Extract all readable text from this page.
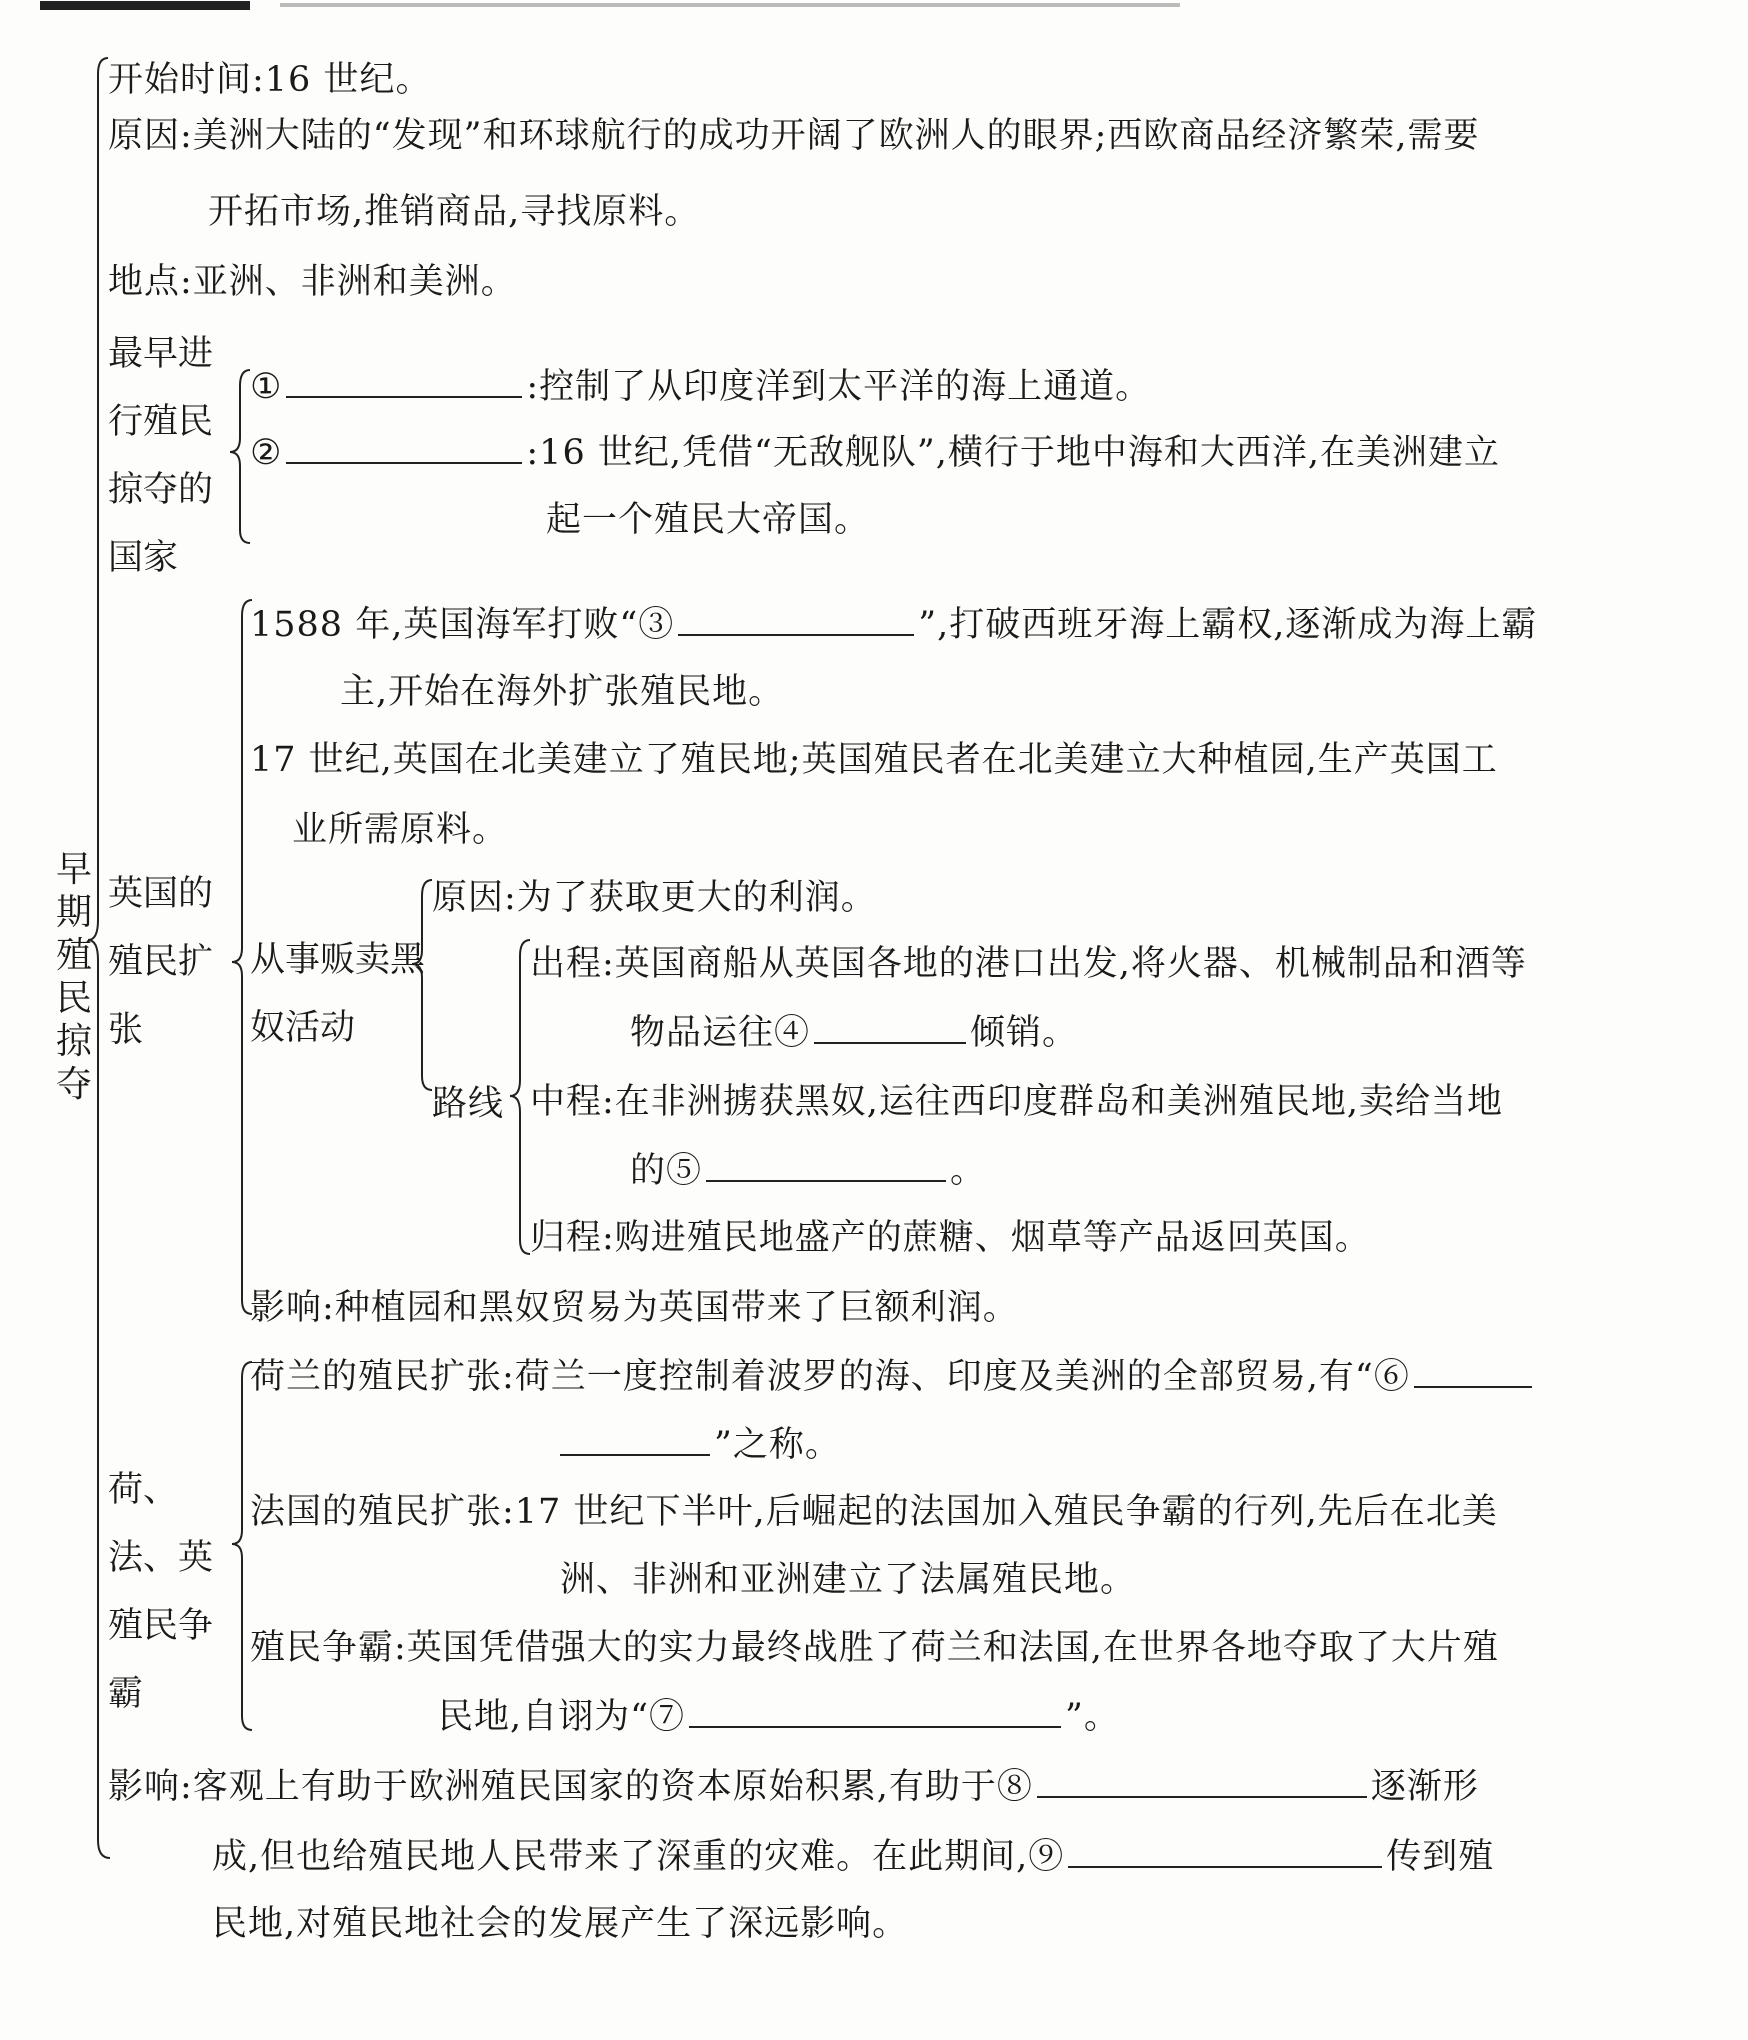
早期殖民掠夺
开始时间:16 世纪。
原因:美洲大陆的“发现”和环球航行的成功开阔了欧洲人的眼界;西欧商品经济繁荣,需要
开拓市场,推销商品,寻找原料。
地点:亚洲、非洲和美洲。
最早进行殖民掠夺的国家
①	:控制了从印度洋到太平洋的海上通道。
②	:16 世纪,凭借“无敌舰队”,横行于地中海和大西洋,在美洲建立
起一个殖民大帝国。
英国的殖民扩张
1588 年,英国海军打败“③	”,打破西班牙海上霸权,逐渐成为海上霸
主,开始在海外扩张殖民地。
17 世纪,英国在北美建立了殖民地;英国殖民者在北美建立大种植园,生产英国工
业所需原料。
从事贩卖黑奴活动
原因:为了获取更大的利润。
路线
出程:英国商船从英国各地的港口出发,将火器、机械制品和酒等
物品运往④	倾销。
中程:在非洲掳获黑奴,运往西印度群岛和美洲殖民地,卖给当地
的⑤	。
归程:购进殖民地盛产的蔗糖、烟草等产品返回英国。
影响:种植园和黑奴贸易为英国带来了巨额利润。
荷、法、英殖民争霸
荷兰的殖民扩张:荷兰一度控制着波罗的海、印度及美洲的全部贸易,有“⑥
”之称。
法国的殖民扩张:17 世纪下半叶,后崛起的法国加入殖民争霸的行列,先后在北美
洲、非洲和亚洲建立了法属殖民地。
殖民争霸:英国凭借强大的实力最终战胜了荷兰和法国,在世界各地夺取了大片殖
民地,自诩为“⑦	”。
影响:客观上有助于欧洲殖民国家的资本原始积累,有助于⑧	逐渐形
成,但也给殖民地人民带来了深重的灾难。在此期间,⑨	传到殖
民地,对殖民地社会的发展产生了深远影响。
